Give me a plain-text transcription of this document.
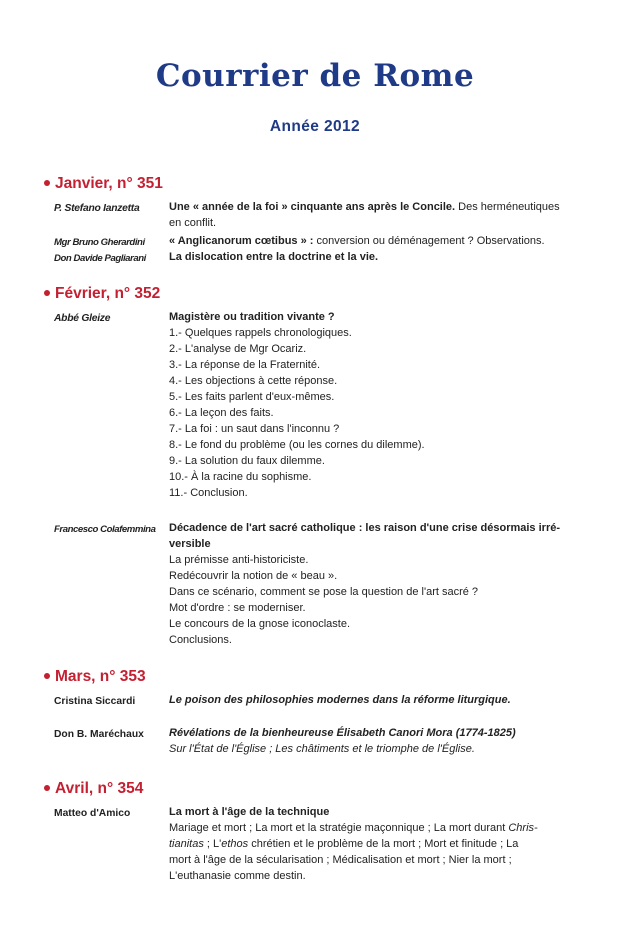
Courrier de Rome
Année 2012
Janvier, n° 351
P. Stefano Ianzetta	Une « année de la foi » cinquante ans après le Concile. Des herméneutiques
en conflit.
Mgr Bruno Gherardini	« Anglicanorum cœtibus » : conversion ou déménagement ? Observations.
Don Davide Pagliarani	La dislocation entre la doctrine et la vie.
Février, n° 352
Abbé Gleize	Magistère ou tradition vivante ?
1.- Quelques rappels chronologiques.
2.- L'analyse de Mgr Ocariz.
3.- La réponse de la Fraternité.
4.- Les objections à cette réponse.
5.- Les faits parlent d'eux-mêmes.
6.- La leçon des faits.
7.- La foi : un saut dans l'inconnu ?
8.- Le fond du problème (ou les cornes du dilemme).
9.- La solution du faux dilemme.
10.- À la racine du sophisme.
11.- Conclusion.
Francesco Colafemmina	Décadence de l'art sacré catholique : les raison d'une crise désormais irré-
versible
La prémisse anti-historiciste.
Redécouvrir la notion de « beau ».
Dans ce scénario, comment se pose la question de l'art sacré ?
Mot d'ordre : se moderniser.
Le concours de la gnose iconoclaste.
Conclusions.
Mars, n° 353
Cristina Siccardi	Le poison des philosophies modernes dans la réforme liturgique.
Don B. Maréchaux	Révélations de la bienheureuse Élisabeth Canori Mora (1774-1825)
Sur l'État de l'Église ; Les châtiments et le triomphe de l'Église.
Avril, n° 354
Matteo d'Amico	La mort à l'âge de la technique
Mariage et mort ; La mort et la stratégie maçonnique ; La mort durant Chris-
tianitas ; L'ethos chrétien et le problème de la mort ; Mort et finitude ; La
mort à l'âge de la sécularisation ; Médicalisation et mort ; Nier la mort ;
L'euthanasie comme destin.
